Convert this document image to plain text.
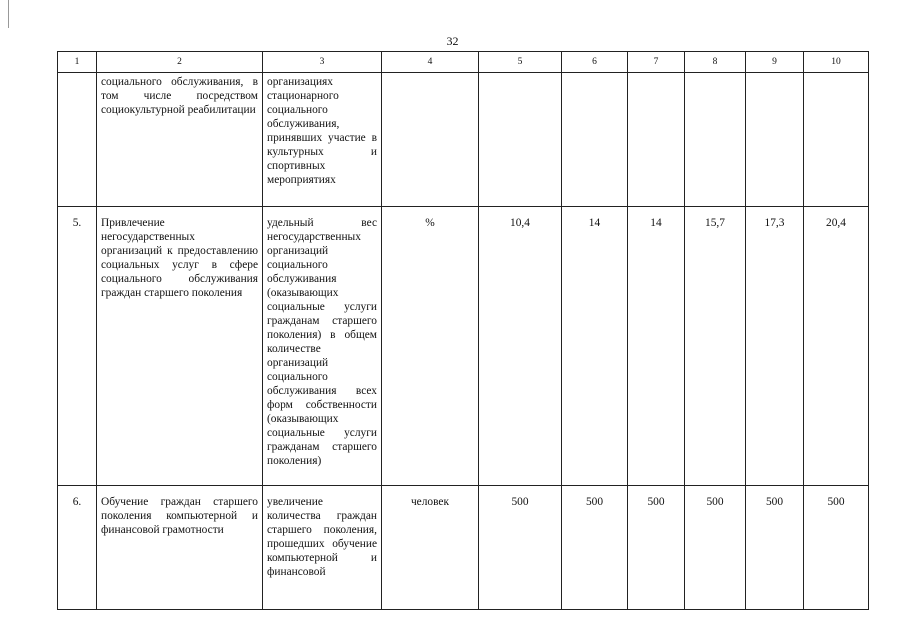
32
1	2	3	4	5	6	7	8	9	10
	социального обслуживания, в том числе посредством социокультурной реабилитации	организациях стационарного социального обслуживания, принявших участие в культурных и спортивных мероприятиях							
5.	Привлечение негосударственных организаций к предоставлению социальных услуг в сфере социального обслуживания граждан старшего поколения	удельный вес негосударственных организаций социального обслуживания (оказывающих социальные услуги гражданам старшего поколения) в общем количестве организаций социального обслуживания всех форм собственности (оказывающих социальные услуги гражданам старшего поколения)	%	10,4	14	14	15,7	17,3	20,4
6.	Обучение граждан старшего поколения компьютерной и финансовой грамотности	увеличение количества граждан старшего поколения, прошедших обучение компьютерной и финансовой	человек	500	500	500	500	500	500
